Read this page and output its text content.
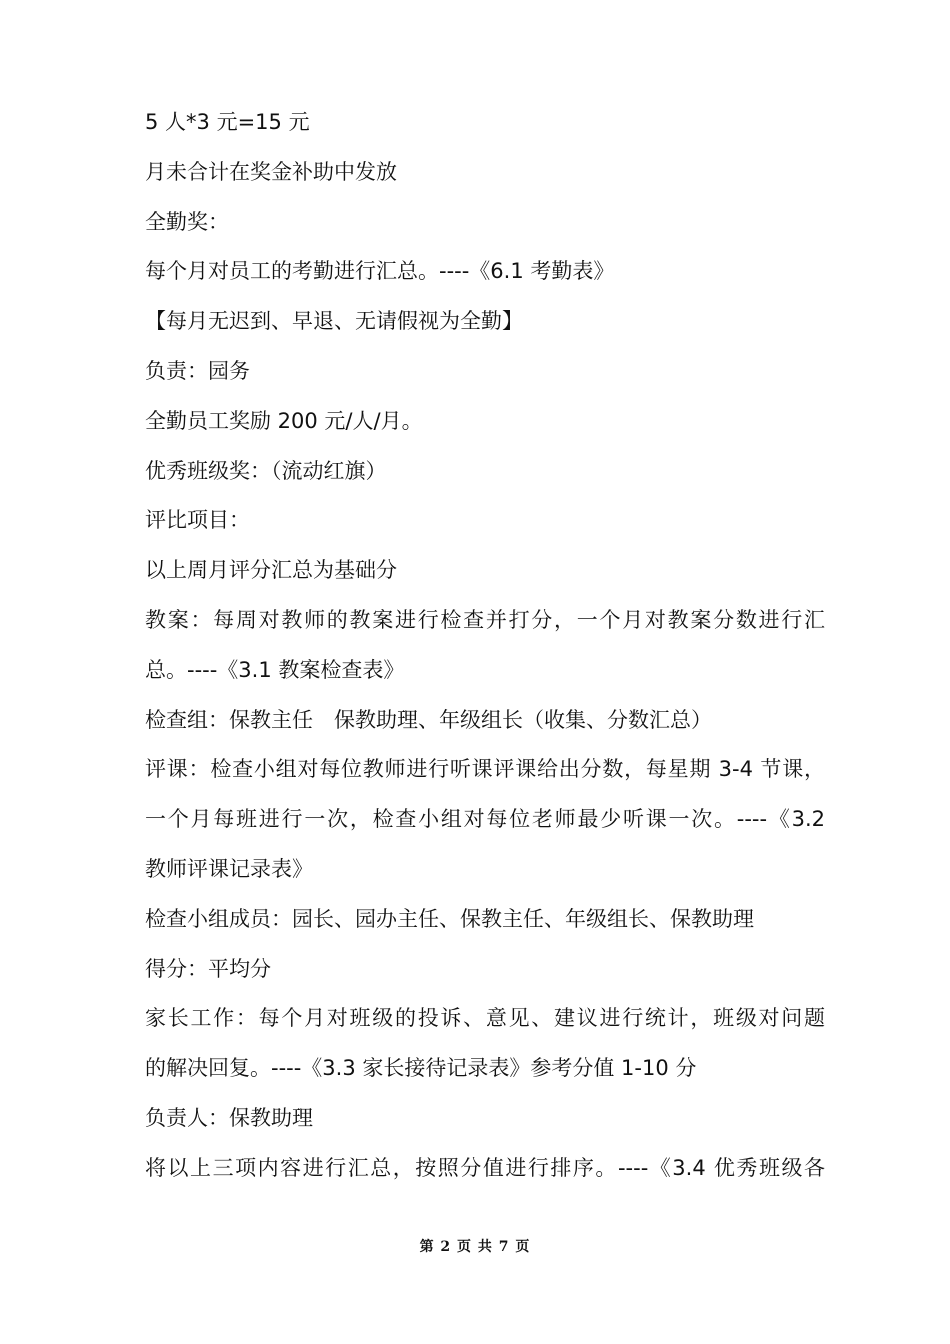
5 人*3 元=15 元
月未合计在奖金补助中发放
全勤奖：
每个月对员工的考勤进行汇总。----《6.1 考勤表》
【每月无迟到、早退、无请假视为全勤】
负责：园务
全勤员工奖励 200 元/人/月。
优秀班级奖：（流动红旗）
评比项目：
以上周月评分汇总为基础分
教案：每周对教师的教案进行检查并打分，一个月对教案分数进行汇
总。----《3.1 教案检查表》
检查组：保教主任　保教助理、年级组长（收集、分数汇总）
评课：检查小组对每位教师进行听课评课给出分数，每星期 3-4 节课，
一个月每班进行一次，检查小组对每位老师最少听课一次。----《3.2
教师评课记录表》
检查小组成员：园长、园办主任、保教主任、年级组长、保教助理
得分：平均分
家长工作：每个月对班级的投诉、意见、建议进行统计，班级对问题
的解决回复。----《3.3 家长接待记录表》参考分值 1-10 分
负责人：保教助理
将以上三项内容进行汇总，按照分值进行排序。----《3.4 优秀班级各
第 2 页 共 7 页
